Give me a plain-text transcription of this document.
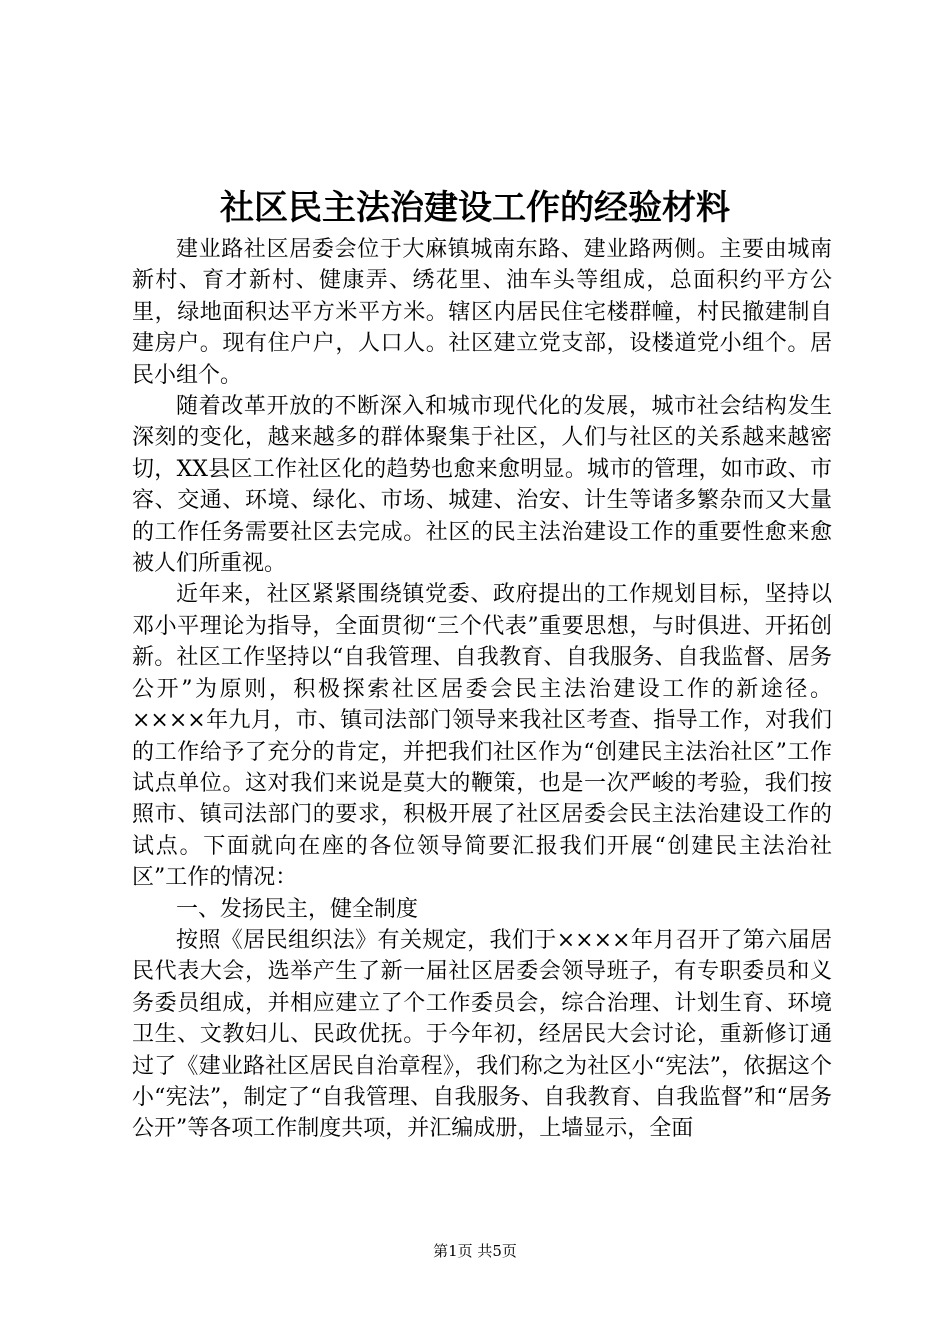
社区民主法治建设工作的经验材料

建业路社区居委会位于大麻镇城南东路、建业路两侧。主要由城南新村、育才新村、健康弄、绣花里、油车头等组成，总面积约平方公里，绿地面积达平方米平方米。辖区内居民住宅楼群幢，村民撤建制自建房户。现有住户户，人口人。社区建立党支部，设楼道党小组个。居民小组个。

随着改革开放的不断深入和城市现代化的发展，城市社会结构发生深刻的变化，越来越多的群体聚集于社区，人们与社区的关系越来越密切，XX县区工作社区化的趋势也愈来愈明显。城市的管理，如市政、市容、交通、环境、绿化、市场、城建、治安、计生等诸多繁杂而又大量的工作任务需要社区去完成。社区的民主法治建设工作的重要性愈来愈被人们所重视。

近年来，社区紧紧围绕镇党委、政府提出的工作规划目标，坚持以邓小平理论为指导，全面贯彻“三个代表”重要思想，与时俱进、开拓创新。社区工作坚持以“自我管理、自我教育、自我服务、自我监督、居务公开”为原则，积极探索社区居委会民主法治建设工作的新途径。××××年九月，市、镇司法部门领导来我社区考查、指导工作，对我们的工作给予了充分的肯定，并把我们社区作为“创建民主法治社区”工作试点单位。这对我们来说是莫大的鞭策，也是一次严峻的考验，我们按照市、镇司法部门的要求，积极开展了社区居委会民主法治建设工作的试点。下面就向在座的各位领导简要汇报我们开展“创建民主法治社区”工作的情况：

一、发扬民主，健全制度

按照《居民组织法》有关规定，我们于××××年月召开了第六届居民代表大会，选举产生了新一届社区居委会领导班子，有专职委员和义务委员组成，并相应建立了个工作委员会，综合治理、计划生育、环境卫生、文教妇儿、民政优抚。于今年初，经居民大会讨论，重新修订通过了《建业路社区居民自治章程》，我们称之为社区小“宪法”，依据这个小“宪法”，制定了“自我管理、自我服务、自我教育、自我监督”和“居务公开”等各项工作制度共项，并汇编成册，上墙显示，全面

第1页 共5页
